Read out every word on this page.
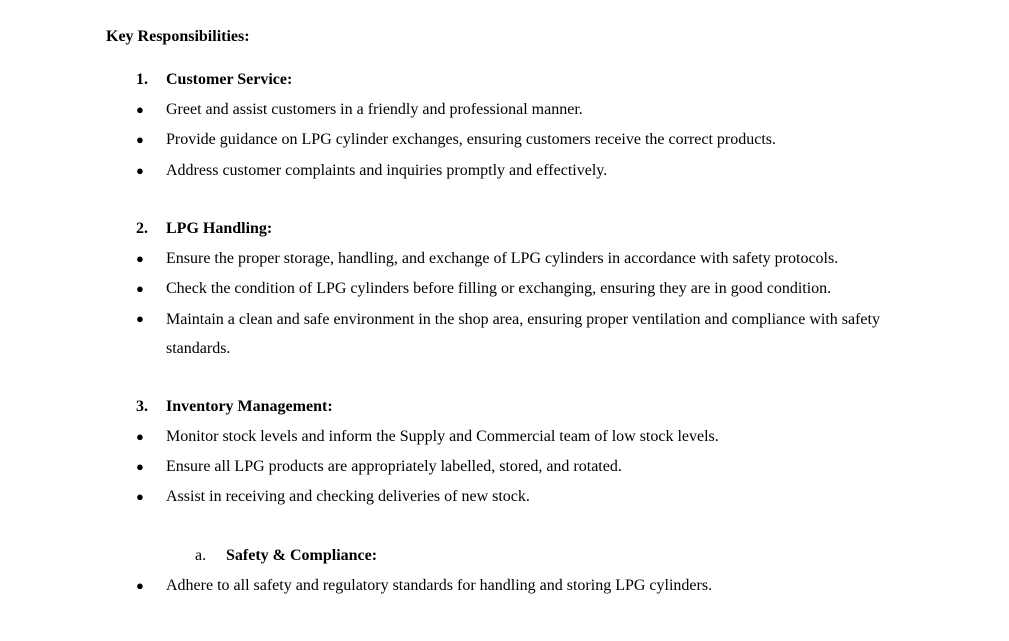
Key Responsibilities:
1. Customer Service:
●	Greet and assist customers in a friendly and professional manner.
●	Provide guidance on LPG cylinder exchanges, ensuring customers receive the correct products.
●	Address customer complaints and inquiries promptly and effectively.
2. LPG Handling:
●	Ensure the proper storage, handling, and exchange of LPG cylinders in accordance with safety protocols.
●	Check the condition of LPG cylinders before filling or exchanging, ensuring they are in good condition.
●	Maintain a clean and safe environment in the shop area, ensuring proper ventilation and compliance with safety standards.
3. Inventory Management:
●	Monitor stock levels and inform the Supply and Commercial team of low stock levels.
●	Ensure all LPG products are appropriately labelled, stored, and rotated.
●	Assist in receiving and checking deliveries of new stock.
a. Safety & Compliance:
●	Adhere to all safety and regulatory standards for handling and storing LPG cylinders.
